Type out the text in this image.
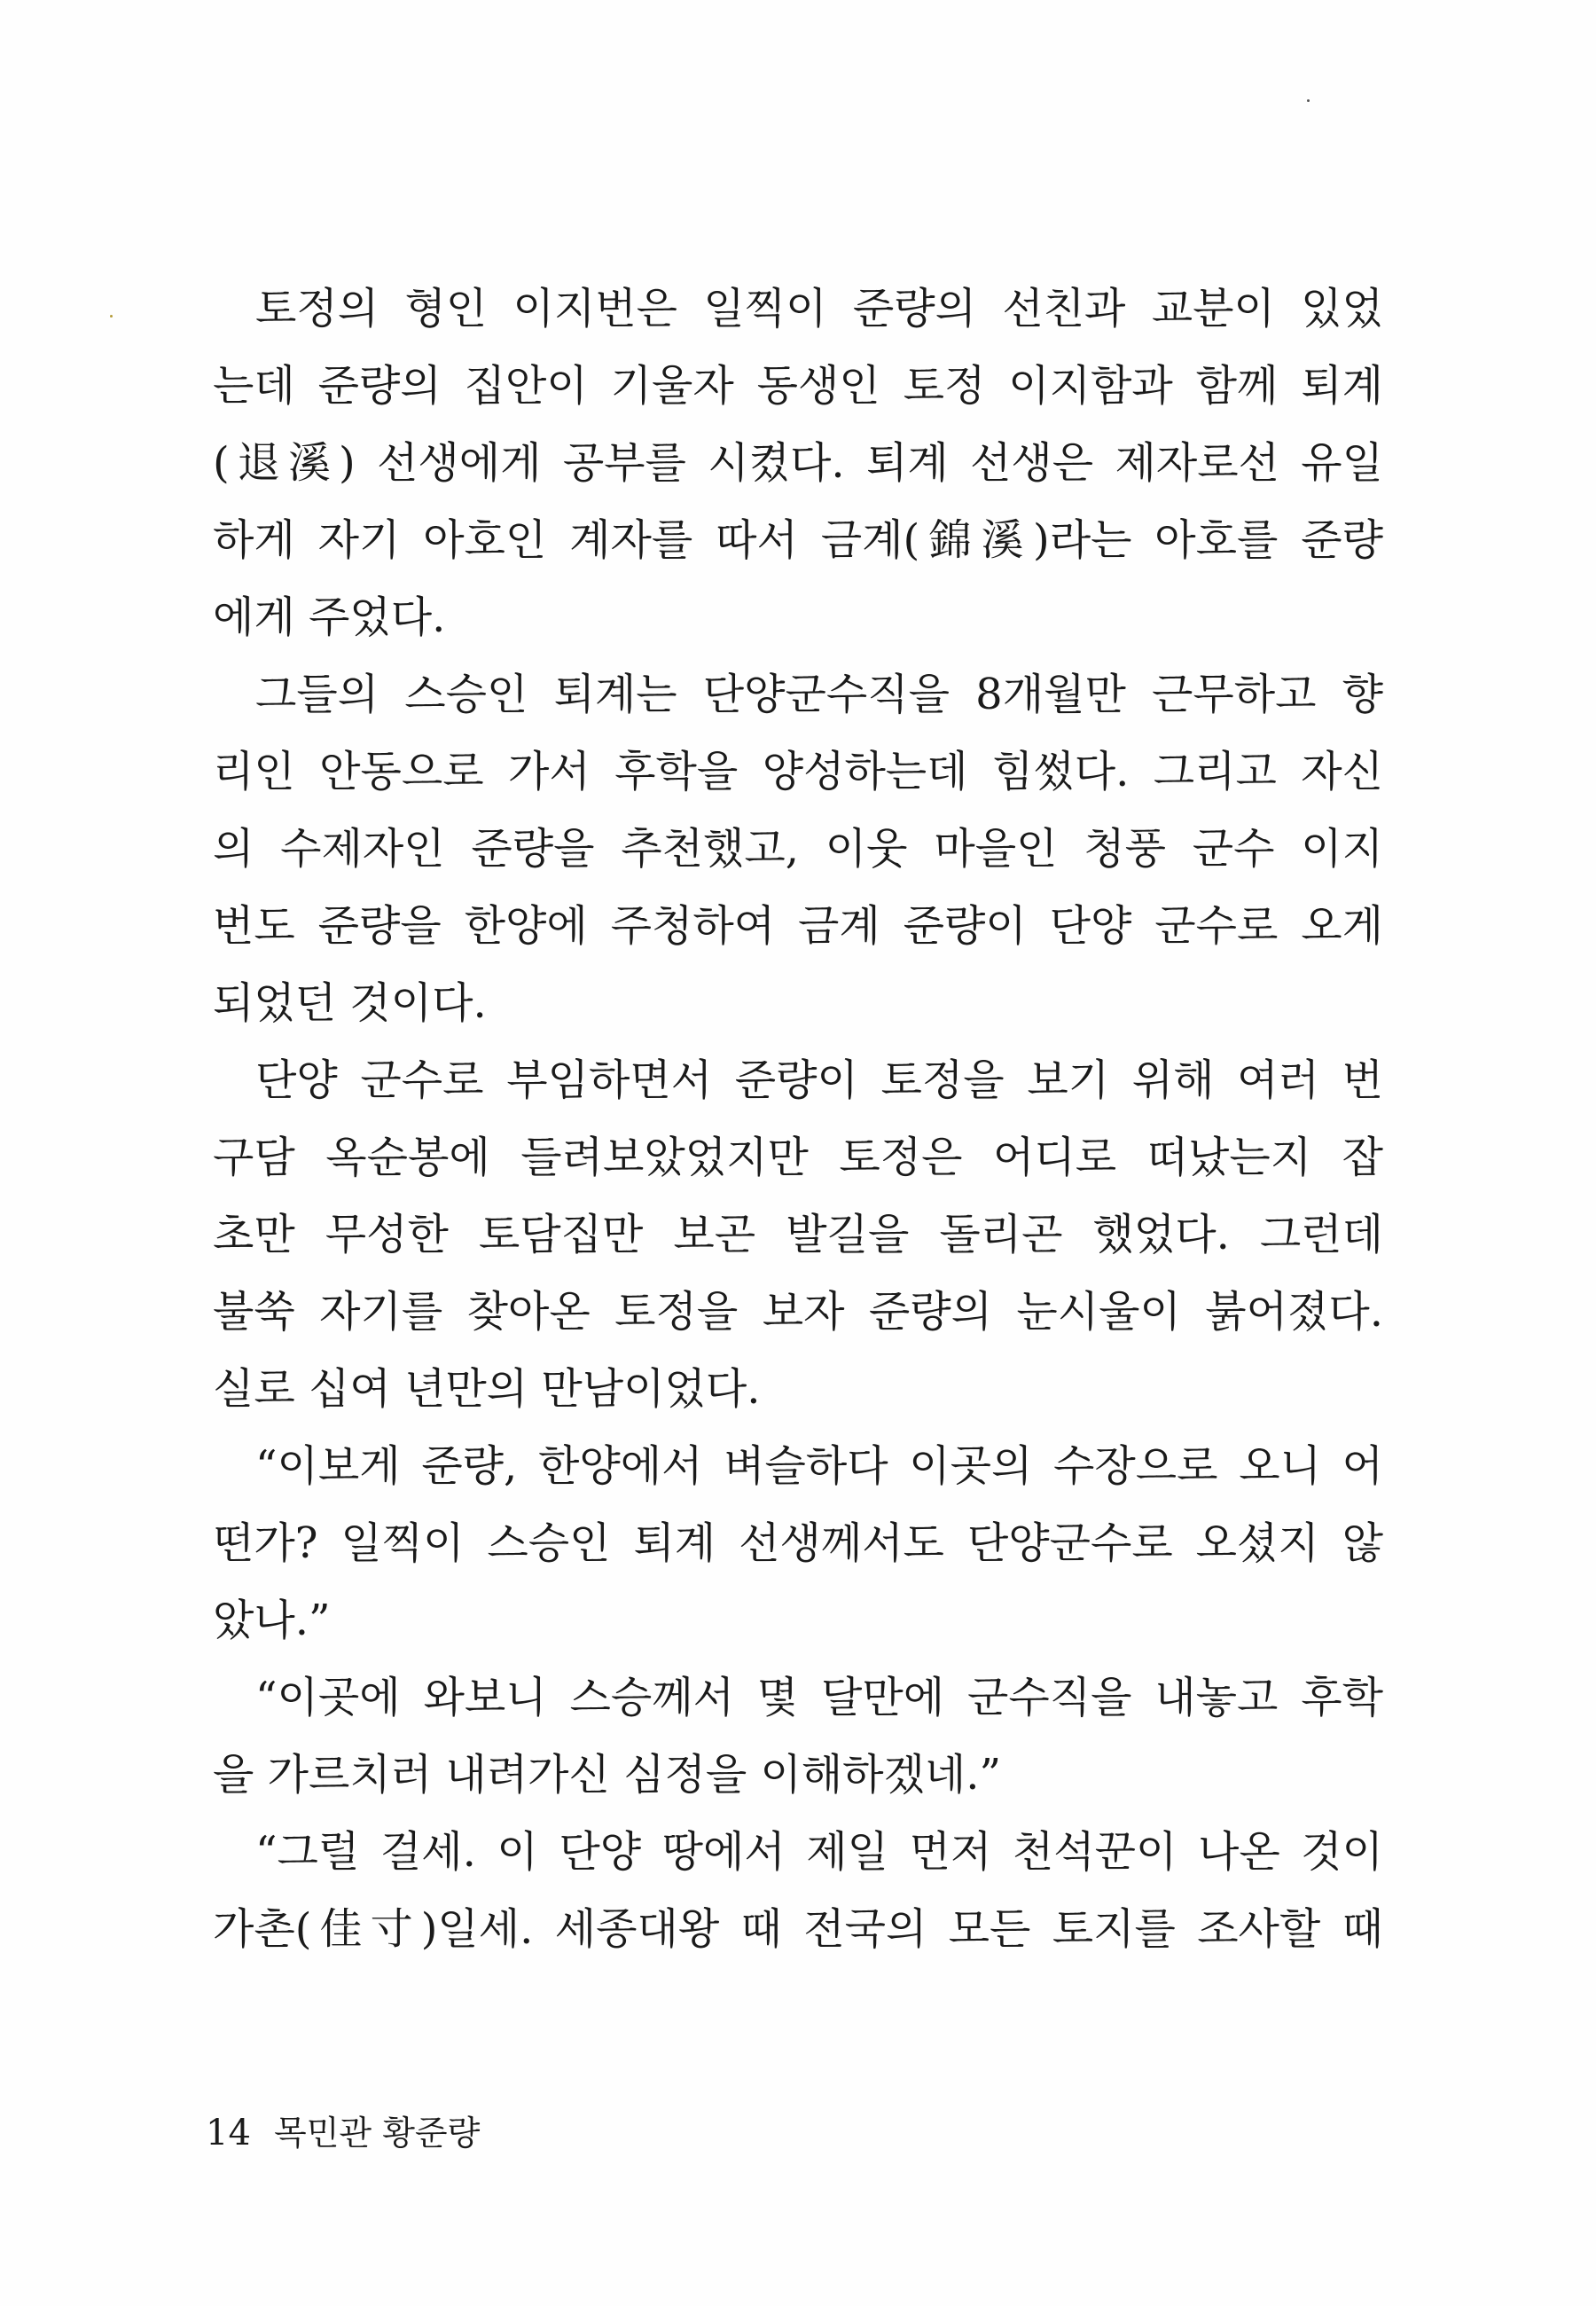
토정의 형인 이지번은 일찍이 준량의 선친과 교분이 있었
는데 준량의 집안이 기울자 동생인 토정 이지함과 함께 퇴계
(退溪) 선생에게 공부를 시켰다. 퇴계 선생은 제자로선 유일
하게 자기 아호인 계자를 따서 금계(錦溪)라는 아호를 준량
에게 주었다.
그들의 스승인 퇴계는 단양군수직을 8개월만 근무하고 향
리인 안동으로 가서 후학을 양성하는데 힘썼다. 그리고 자신
의 수제자인 준량을 추천했고, 이웃 마을인 청풍 군수 이지
번도 준량을 한양에 주청하여 금계 준량이 단양 군수로 오게
되었던 것이다.
단양 군수로 부임하면서 준량이 토정을 보기 위해 여러 번
구담 옥순봉에 들려보았었지만 토정은 어디로 떠났는지 잡
초만 무성한 토담집만 보곤 발길을 돌리곤 했었다. 그런데
불쑥 자기를 찾아온 토정을 보자 준량의 눈시울이 붉어졌다.
실로 십여 년만의 만남이었다.
“이보게 준량, 한양에서 벼슬하다 이곳의 수장으로 오니 어
떤가? 일찍이 스승인 퇴계 선생께서도 단양군수로 오셨지 않
았나.”
“이곳에 와보니 스승께서 몇 달만에 군수직을 내놓고 후학
을 가르치러 내려가신 심정을 이해하겠네.”
“그럴 걸세. 이 단양 땅에서 제일 먼저 천석꾼이 나온 것이
가촌(佳寸)일세. 세종대왕 때 전국의 모든 토지를 조사할 때
14 목민관 황준량
